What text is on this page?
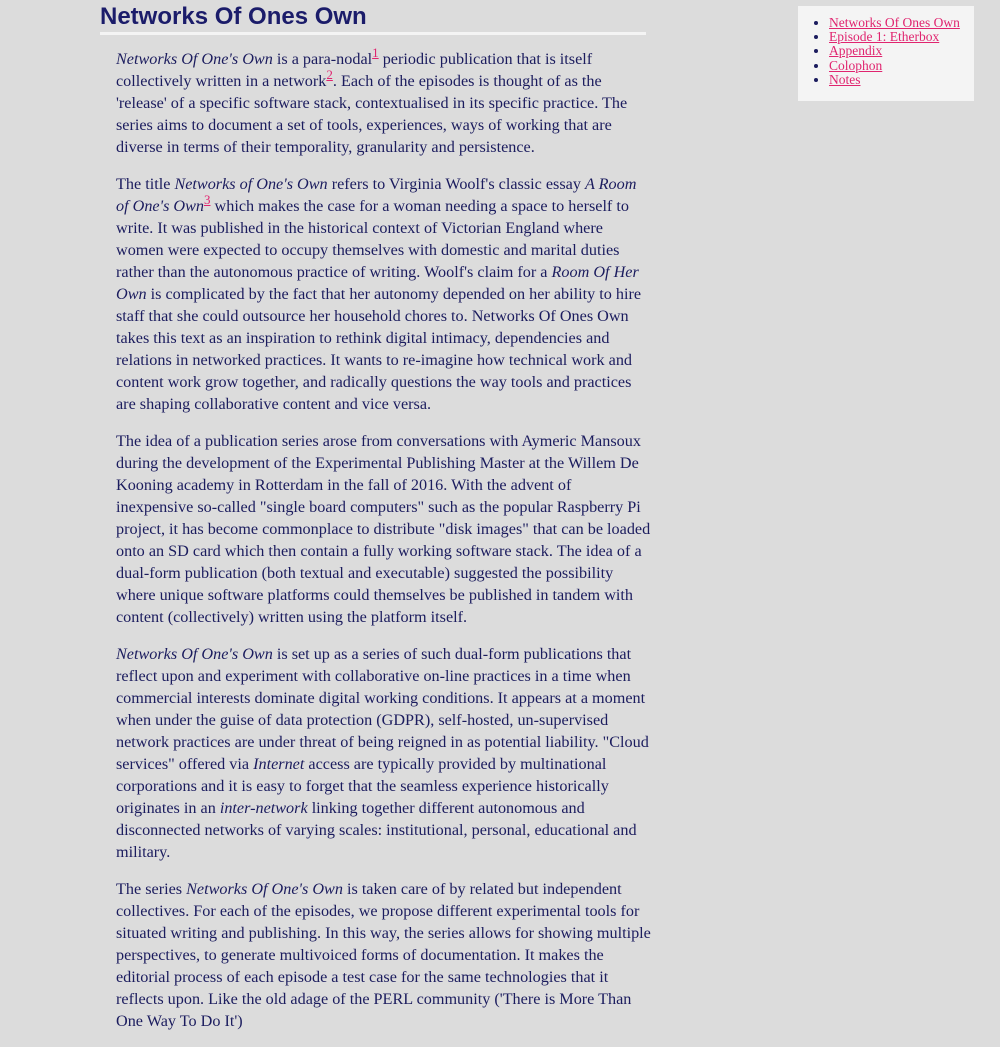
Networks Of Ones Own

Networks Of One's Own is a para-nodal$^1$ periodic publication that is itself collectively written in a network$^2$. Each of the episodes is thought of as the 'release' of a specific software stack, contextualised in its specific practice. The series aims to document a set of tools, experiences, ways of working that are diverse in terms of their temporality, granularity and persistence.

The title Networks of One's Own refers to Virginia Woolf's classic essay A Room of One's Own$^3$ which makes the case for a woman needing a space to herself to write. It was published in the historical context of Victorian England where women were expected to occupy themselves with domestic and marital duties rather than the autonomous practice of writing. Woolf's claim for a Room Of Her Own is complicated by the fact that her autonomy depended on her ability to hire staff that she could outsource her household chores to. Networks Of Ones Own takes this text as an inspiration to rethink digital intimacy, dependencies and relations in networked practices. It wants to re-imagine how technical work and content work grow together, and radically questions the way tools and practices are shaping collaborative content and vice versa.

The idea of a publication series arose from conversations with Aymeric Mansoux during the development of the Experimental Publishing Master at the Willem De Kooning academy in Rotterdam in the fall of 2016. With the advent of inexpensive so-called "single board computers" such as the popular Raspberry Pi project, it has become commonplace to distribute "disk images" that can be loaded onto an SD card which then contain a fully working software stack. The idea of a dual-form publication (both textual and executable) suggested the possibility where unique software platforms could themselves be published in tandem with content (collectively) written using the platform itself.

Networks Of One's Own is set up as a series of such dual-form publications that reflect upon and experiment with collaborative on-line practices in a time when commercial interests dominate digital working conditions. It appears at a moment when under the guise of data protection (GDPR), self-hosted, un-supervised network practices are under threat of being reigned in as potential liability. "Cloud services" offered via Internet access are typically provided by multinational corporations and it is easy to forget that the seamless experience historically originates in an inter-network linking together different autonomous and disconnected networks of varying scales: institutional, personal, educational and military.

The series Networks Of One's Own is taken care of by related but independent collectives. For each of the episodes, we propose different experimental tools for situated writing and publishing. In this way, the series allows for showing multiple perspectives, to generate multivoiced forms of documentation. It makes the editorial process of each episode a test case for the same technologies that it reflects upon. Like the old adage of the PERL community ('There is More Than One Way To Do It')

• Networks Of Ones Own
• Episode 1: Etherbox
• Appendix
• Colophon
• Notes
